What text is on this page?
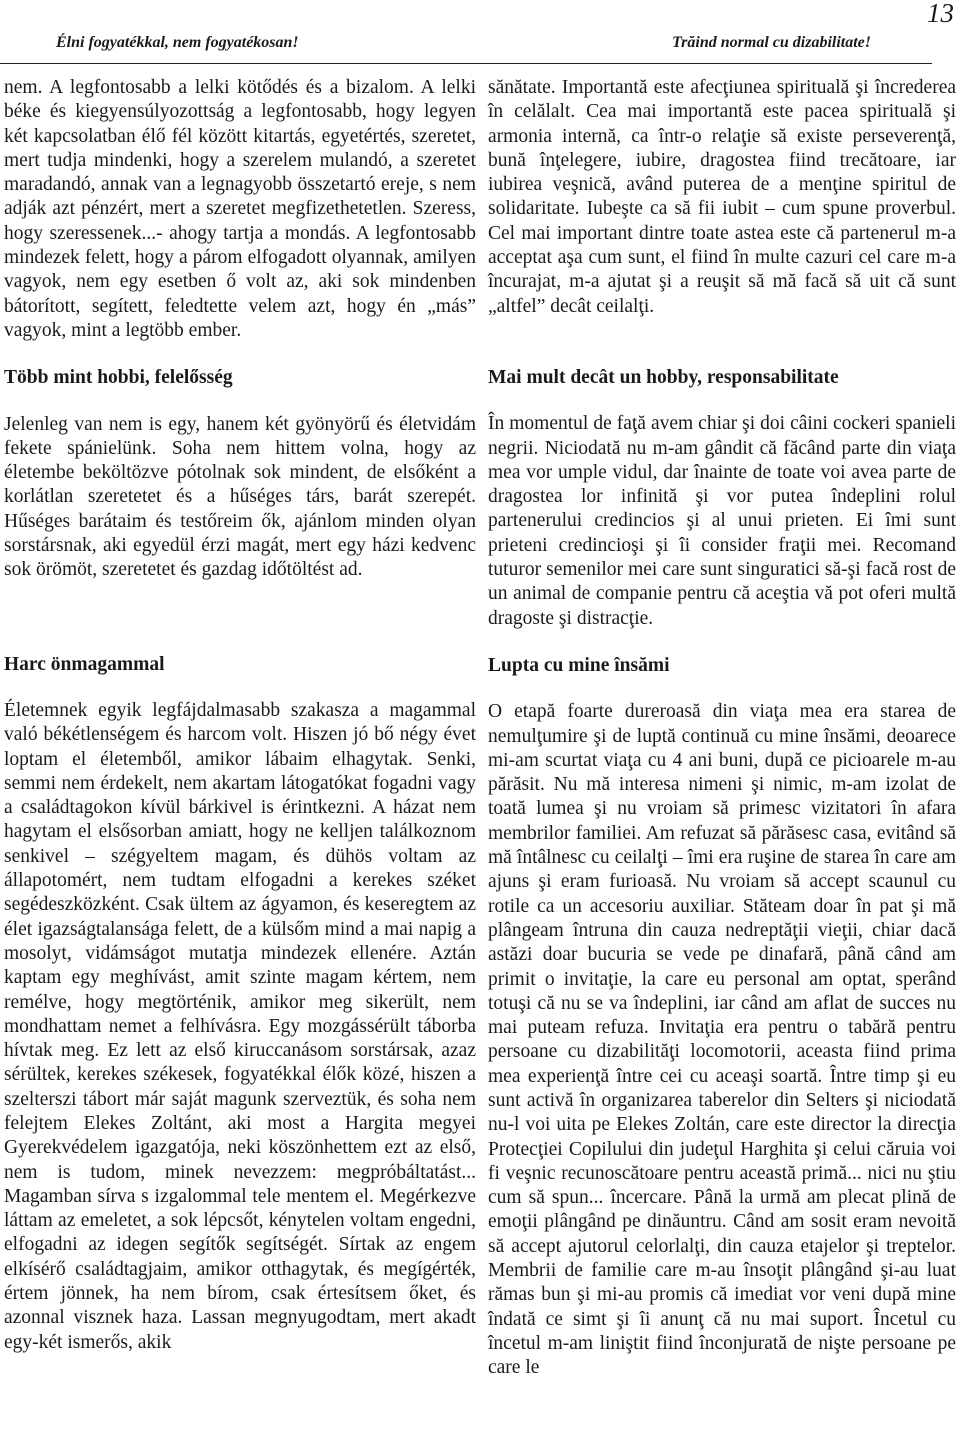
13
Élni fogyatékkal, nem fogyatékosan!	Trăind normal cu dizabilitate!

nem. A legfontosabb a lelki kötődés és a bizalom. A lelki béke és kiegyensúlyozottság a legfontosabb, hogy legyen két kapcsolatban élő fél között kitartás, egyetértés, szeretet, mert tudja mindenki, hogy a szerelem mulandó, a szeretet maradandó, annak van a legnagyobb összetartó ereje, s nem adják azt pénzért, mert a szeretet megfizethetetlen. Szeress, hogy szeressenek...- ahogy tartja a mondás. A legfontosabb mindezek felett, hogy a párom elfogadott olyannak, amilyen vagyok, nem egy esetben ő volt az, aki sok mindenben bátorított, segített, feledtette velem azt, hogy én „más” vagyok, mint a legtöbb ember.

Több mint hobbi, felelősség

Jelenleg van nem is egy, hanem két gyönyörű és életvidám fekete spánielünk. Soha nem hittem volna, hogy az életembe beköltözve pótolnak sok mindent, de elsőként a korlátlan szeretetet és a hűséges társ, barát szerepét. Hűséges barátaim és testőreim ők, ajánlom minden olyan sorstársnak, aki egyedül érzi magát, mert egy házi kedvenc sok örömöt, szeretetet és gazdag időtöltést ad.

Harc önmagammal

Életemnek egyik legfájdalmasabb szakasza a magammal való békétlenségem és harcom volt. Hiszen jó bő négy évet loptam el életemből, amikor lábaim elhagytak. Senki, semmi nem érdekelt, nem akartam látogatókat fogadni vagy a családtagokon kívül bárkivel is érintkezni. A házat nem hagytam el elsősorban amiatt, hogy ne kelljen találkoznom senkivel – szégyeltem magam, és dühös voltam az állapotomért, nem tudtam elfogadni a kerekes széket segédeszközként. Csak ültem az ágyamon, és keseregtem az élet igazságtalansága felett, de a külsőm mind a mai napig a mosolyt, vidámságot mutatja mindezek ellenére. Aztán kaptam egy meghívást, amit szinte magam kértem, nem remélve, hogy megtörténik, amikor meg sikerült, nem mondhattam nemet a felhívásra. Egy mozgássérült táborba hívtak meg. Ez lett az első kiruccanásom sorstársak, azaz sérültek, kerekes székesek, fogyatékkal élők közé, hiszen a szelterszi tábort már saját magunk szerveztük, és soha nem felejtem Elekes Zoltánt, aki most a Hargita megyei Gyerekvédelem igazgatója, neki köszönhettem ezt az első, nem is tudom, minek nevezzem: megpróbáltatást... Magamban sírva s izgalommal tele mentem el. Megérkezve láttam az emeletet, a sok lépcsőt, kénytelen voltam engedni, elfogadni az idegen segítők segítségét. Sírtak az engem elkísérő családtagjaim, amikor otthagytak, és megígérték, értem jönnek, ha nem bírom, csak értesítsem őket, és azonnal visznek haza. Lassan megnyugodtam, mert akadt egy-két ismerős, akik

sănătate. Importantă este afecţiunea spirituală şi încrederea în celălalt. Cea mai importantă este pacea spirituală şi armonia internă, ca într-o relaţie să existe perseverenţă, bună înţelegere, iubire, dragostea fiind trecătoare, iar iubirea veşnică, având puterea de a menţine spiritul de solidaritate. Iubeşte ca să fii iubit – cum spune proverbul. Cel mai important dintre toate astea este că partenerul m-a acceptat aşa cum sunt, el fiind în multe cazuri cel care m-a încurajat, m-a ajutat şi a reuşit să mă facă să uit că sunt „altfel” decât ceilalţi.

Mai mult decât un hobby, responsabilitate

În momentul de faţă avem chiar şi doi câini cockeri spanieli negrii. Niciodată nu m-am gândit că făcând parte din viaţa mea vor umple vidul, dar înainte de toate voi avea parte de dragostea lor infinită şi vor putea îndeplini rolul partenerului credincios şi al unui prieten. Ei îmi sunt prieteni credincioşi şi îi consider fraţii mei. Recomand tuturor semenilor mei care sunt singuratici să-şi facă rost de un animal de companie pentru că aceştia vă pot oferi multă dragoste şi distracţie.

Lupta cu mine însămi

O etapă foarte dureroasă din viaţa mea era starea de nemulţumire şi de luptă continuă cu mine însămi, deoarece mi-am scurtat viaţa cu 4 ani buni, după ce picioarele m-au părăsit. Nu mă interesa nimeni şi nimic, m-am izolat de toată lumea şi nu vroiam să primesc vizitatori în afara membrilor familiei. Am refuzat să părăsesc casa, evitând să mă întâlnesc cu ceilalţi – îmi era ruşine de starea în care am ajuns şi eram furioasă. Nu vroiam să accept scaunul cu rotile ca un accesoriu auxiliar. Stăteam doar în pat şi mă plângeam întruna din cauza nedreptăţii vieţii, chiar dacă astăzi doar bucuria se vede pe dinafară, până când am primit o invitaţie, la care eu personal am optat, sperând totuşi că nu se va îndeplini, iar când am aflat de succes nu mai puteam refuza. Invitaţia era pentru o tabără pentru persoane cu dizabilităţi locomotorii, aceasta fiind prima mea experienţă între cei cu aceaşi soartă. Între timp şi eu sunt activă în organizarea taberelor din Selters şi niciodată nu-l voi uita pe Elekes Zoltán, care este director la direcţia Protecţiei Copilului din judeţul Harghita şi celui căruia voi fi veşnic recunoscătoare pentru această primă... nici nu ştiu cum să spun... încercare. Până la urmă am plecat plină de emoţii plângând pe dinăuntru. Când am sosit eram nevoită să accept ajutorul celorlalţi, din cauza etajelor şi treptelor. Membrii de familie care m-au însoţit plângând şi-au luat rămas bun şi mi-au promis că imediat vor veni după mine îndată ce simt şi îi anunţ că nu mai suport. Încetul cu încetul m-am liniştit fiind înconjurată de nişte persoane pe care le
